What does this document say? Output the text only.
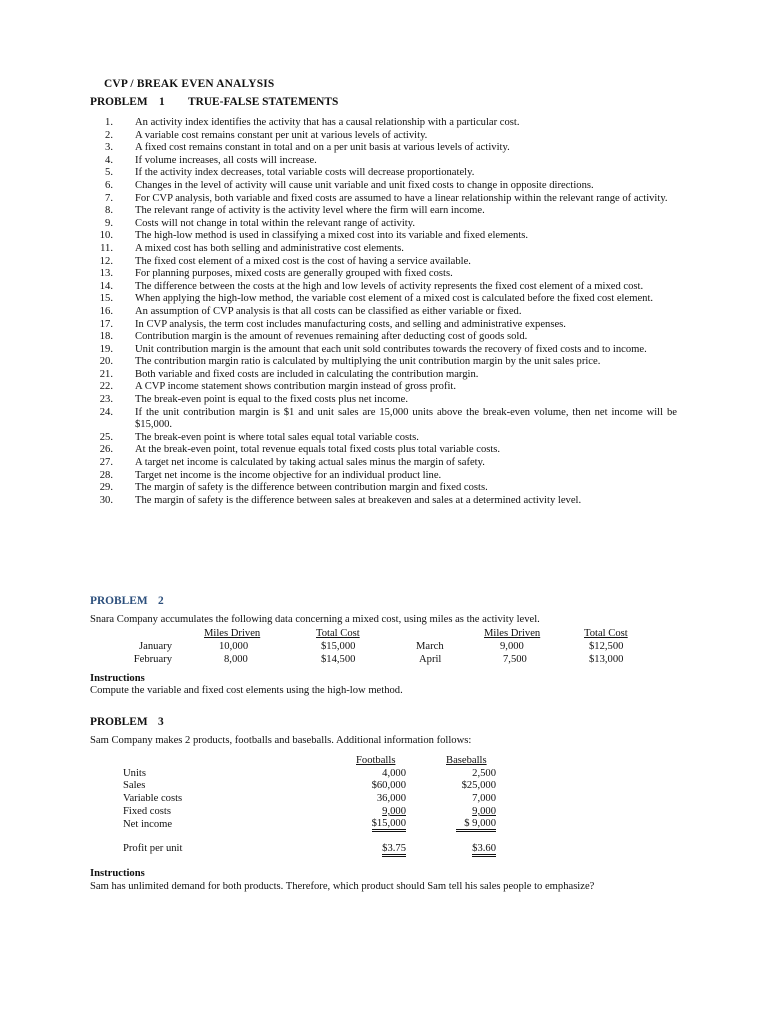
CVP / BREAK EVEN ANALYSIS
PROBLEM 1 TRUE-FALSE STATEMENTS
1. An activity index identifies the activity that has a causal relationship with a particular cost.
2. A variable cost remains constant per unit at various levels of activity.
3. A fixed cost remains constant in total and on a per unit basis at various levels of activity.
4. If volume increases, all costs will increase.
5. If the activity index decreases, total variable costs will decrease proportionately.
6. Changes in the level of activity will cause unit variable and unit fixed costs to change in opposite directions.
7. For CVP analysis, both variable and fixed costs are assumed to have a linear relationship within the relevant range of activity.
8. The relevant range of activity is the activity level where the firm will earn income.
9. Costs will not change in total within the relevant range of activity.
10. The high-low method is used in classifying a mixed cost into its variable and fixed elements.
11. A mixed cost has both selling and administrative cost elements.
12. The fixed cost element of a mixed cost is the cost of having a service available.
13. For planning purposes, mixed costs are generally grouped with fixed costs.
14. The difference between the costs at the high and low levels of activity represents the fixed cost element of a mixed cost.
15. When applying the high-low method, the variable cost element of a mixed cost is calculated before the fixed cost element.
16. An assumption of CVP analysis is that all costs can be classified as either variable or fixed.
17. In CVP analysis, the term cost includes manufacturing costs, and selling and administrative expenses.
18. Contribution margin is the amount of revenues remaining after deducting cost of goods sold.
19. Unit contribution margin is the amount that each unit sold contributes towards the recovery of fixed costs and to income.
20. The contribution margin ratio is calculated by multiplying the unit contribution margin by the unit sales price.
21. Both variable and fixed costs are included in calculating the contribution margin.
22. A CVP income statement shows contribution margin instead of gross profit.
23. The break-even point is equal to the fixed costs plus net income.
24. If the unit contribution margin is $1 and unit sales are 15,000 units above the break-even volume, then net income will be $15,000.
25. The break-even point is where total sales equal total variable costs.
26. At the break-even point, total revenue equals total fixed costs plus total variable costs.
27. A target net income is calculated by taking actual sales minus the margin of safety.
28. Target net income is the income objective for an individual product line.
29. The margin of safety is the difference between contribution margin and fixed costs.
30. The margin of safety is the difference between sales at breakeven and sales at a determined activity level.
PROBLEM 2
Snara Company accumulates the following data concerning a mixed cost, using miles as the activity level.
Miles Driven	Total Cost	Miles Driven	Total Cost
January	10,000	$15,000	March	9,000	$12,500
February	8,000	$14,500	April	7,500	$13,000
Instructions
Compute the variable and fixed cost elements using the high-low method.
PROBLEM 3
Sam Company makes 2 products, footballs and baseballs. Additional information follows:
Footballs	Baseballs
Units	4,000	2,500
Sales	$60,000	$25,000
Variable costs	36,000	7,000
Fixed costs	9,000	9,000
Net income	$15,000	$ 9,000
Profit per unit	$3.75	$3.60
Instructions
Sam has unlimited demand for both products. Therefore, which product should Sam tell his sales people to emphasize?
